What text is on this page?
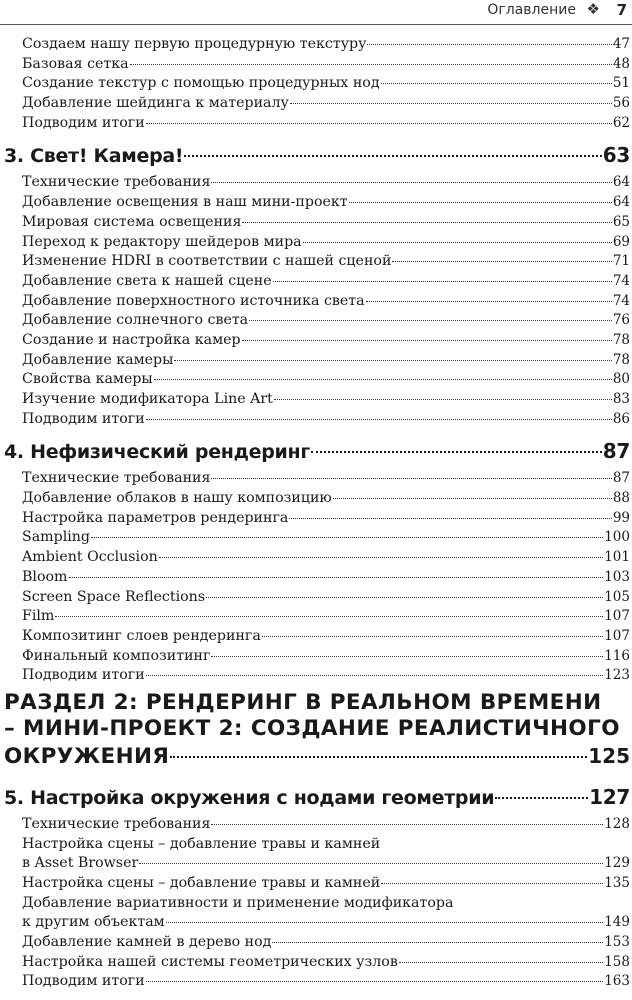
Оглавление ❖ 7
Создаем нашу первую процедурную текстуру	47
Базовая сетка	48
Создание текстур с помощью процедурных нод	51
Добавление шейдинга к материалу	56
Подводим итоги	62
3. Свет! Камера!	63
Технические требования	64
Добавление освещения в наш мини-проект	64
Мировая система освещения	65
Переход к редактору шейдеров мира	69
Изменение HDRI в соответствии с нашей сценой	71
Добавление света к нашей сцене	74
Добавление поверхностного источника света	74
Добавление солнечного света	76
Создание и настройка камер	78
Добавление камеры	78
Свойства камеры	80
Изучение модификатора Line Art	83
Подводим итоги	86
4. Нефизический рендеринг	87
Технические требования	87
Добавление облаков в нашу композицию	88
Настройка параметров рендеринга	99
Sampling	100
Ambient Occlusion	101
Bloom	103
Screen Space Reflections	105
Film	107
Композитинг слоев рендеринга	107
Финальный композитинг	116
Подводим итоги	123
РАЗДЕЛ 2: РЕНДЕРИНГ В РЕАЛЬНОМ ВРЕМЕНИ
– МИНИ-ПРОЕКТ 2: СОЗДАНИЕ РЕАЛИСТИЧНОГО
ОКРУЖЕНИЯ	125
5. Настройка окружения с нодами геометрии	127
Технические требования	128
Настройка сцены – добавление травы и камней
в Asset Browser	129
Настройка сцены – добавление травы и камней	135
Добавление вариативности и применение модификатора
к другим объектам	149
Добавление камней в дерево нод	153
Настройка нашей системы геометрических узлов	158
Подводим итоги	163
